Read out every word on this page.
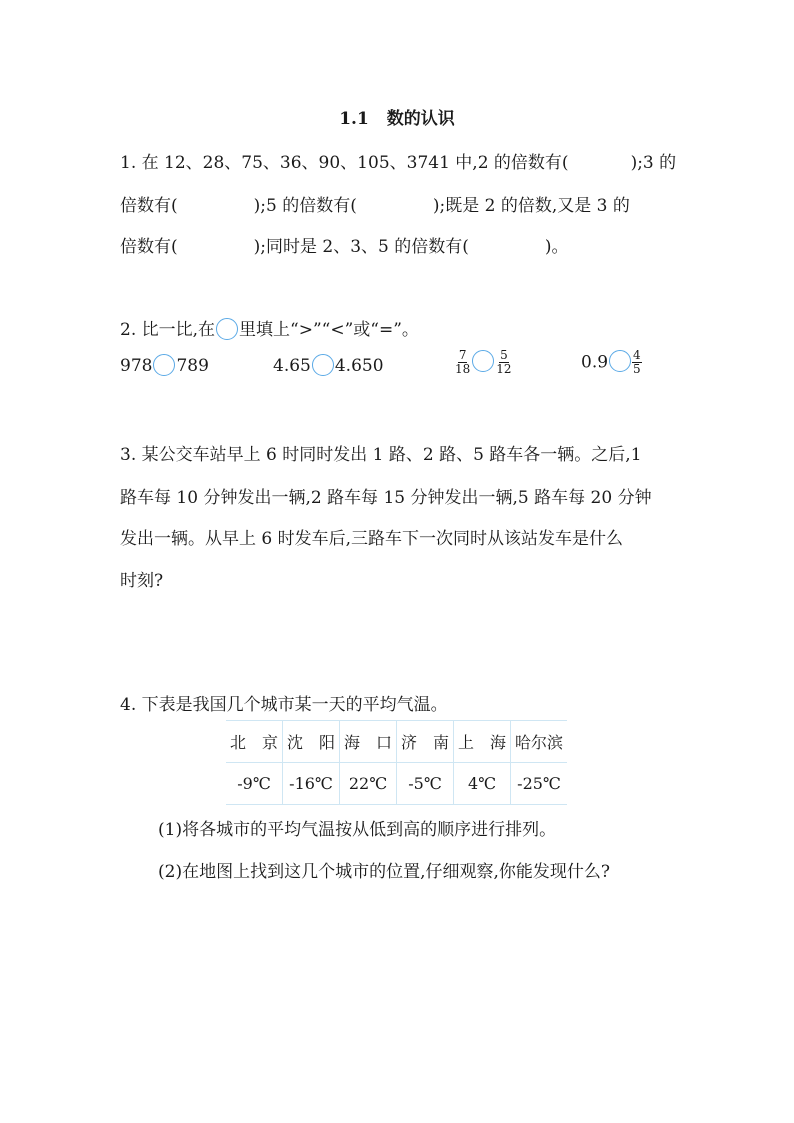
1.1 数的认识
1. 在 12、28、75、36、90、105、3741 中,2 的倍数有(	);3 的
倍数有(	);5 的倍数有(	);既是 2 的倍数,又是 3 的
倍数有(	);同时是 2、3、5 的倍数有(	)。
2. 比一比,在 里填上“>”“<”或“=”。
978 789	4.65 4.650	$\frac{7}{18} \frac{5}{12}$	$0.9 \frac{4}{5}$
3. 某公交车站早上 6 时同时发出 1 路、2 路、5 路车各一辆。之后,1
路车每 10 分钟发出一辆,2 路车每 15 分钟发出一辆,5 路车每 20 分钟
发出一辆。从早上 6 时发车后,三路车下一次同时从该站发车是什么
时刻?
4. 下表是我国几个城市某一天的平均气温。
北　京	沈　阳	海　口	济　南	上　海	哈尔滨
-9℃	-16℃	22℃	-5℃	4℃	-25℃
(1)将各城市的平均气温按从低到高的顺序进行排列。
(2)在地图上找到这几个城市的位置,仔细观察,你能发现什么?
